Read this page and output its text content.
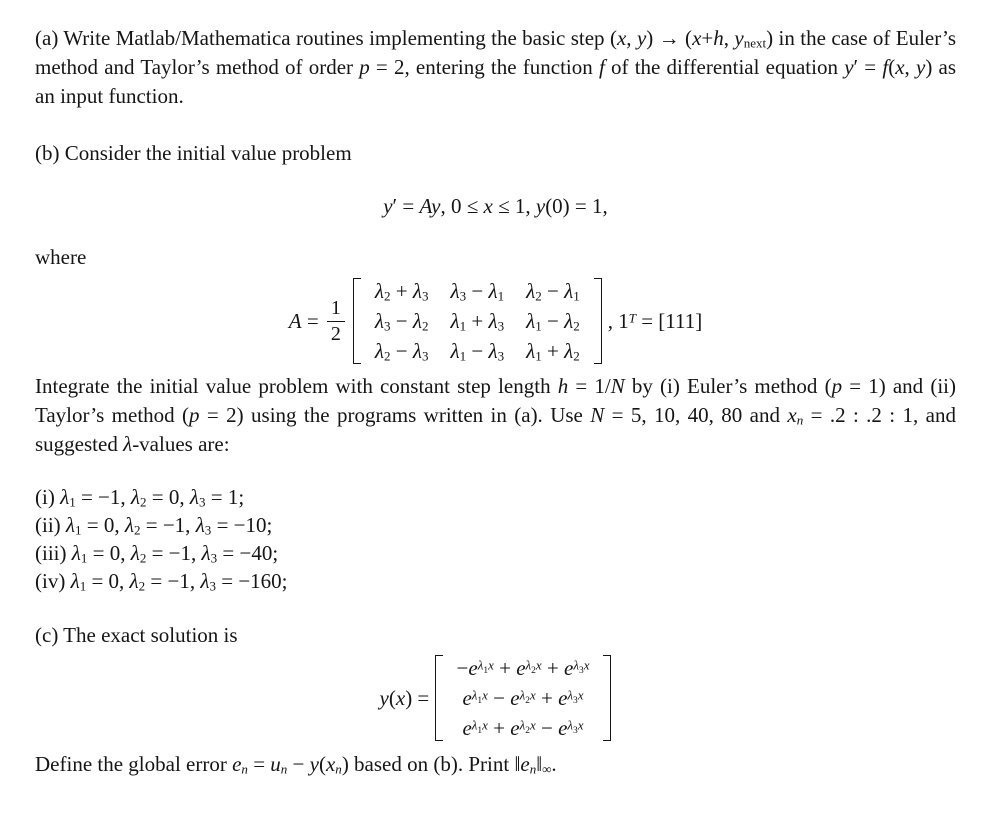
(a) Write Matlab/Mathematica routines implementing the basic step (x, y) → (x+h, ynext) in the case of Euler’s method and Taylor’s method of order p = 2, entering the function f of the differential equation y′ = f(x, y) as an input function.

(b) Consider the initial value problem

y′ = Ay, 0 ≤ x ≤ 1, y(0) = 1,

where

$A = \frac{1}{2}$
λ2 + λ3	λ3 − λ1	λ2 − λ1
λ3 − λ2	λ1 + λ3	λ1 − λ2
λ2 − λ3	λ1 − λ3	λ1 + λ2
, $1^T = [111]$

Integrate the initial value problem with constant step length h = 1/N by (i) Euler’s method (p = 1) and (ii) Taylor’s method (p = 2) using the programs written in (a). Use N = 5, 10, 40, 80 and xn = .2 : .2 : 1, and suggested λ-values are:

(i) λ1 = −1, λ2 = 0, λ3 = 1;

(ii) λ1 = 0, λ2 = −1, λ3 = −10;

(iii) λ1 = 0, λ2 = −1, λ3 = −40;

(iv) λ1 = 0, λ2 = −1, λ3 = −160;

(c) The exact solution is

y(x) =
$-e^\lambda 1^x + e^\lambda 2^x + e^\lambda 3^x$
$e^\lambda 1^x - e^\lambda 2^x + e^\lambda 3^x$
$e^\lambda 1^x + e^\lambda 2^x - e^\lambda 3^x$

Define the global error en = un − y(xn) based on (b). Print ‖en‖∞.
